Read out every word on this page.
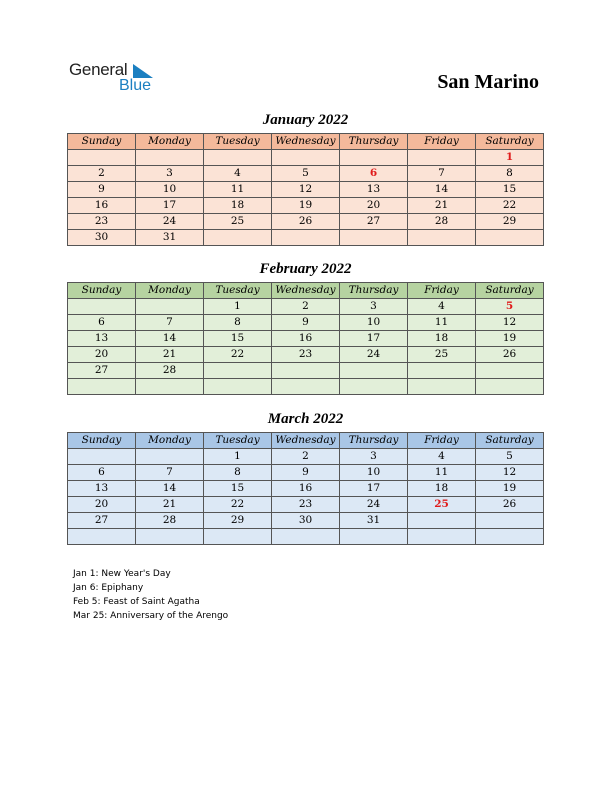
General
Blue	San Marino
January 2022
Sunday	Monday	Tuesday	Wednesday	Thursday	Friday	Saturday
						1
2	3	4	5	6	7	8
9	10	11	12	13	14	15
16	17	18	19	20	21	22
23	24	25	26	27	28	29
30	31					
February 2022
Sunday	Monday	Tuesday	Wednesday	Thursday	Friday	Saturday
		1	2	3	4	5
6	7	8	9	10	11	12
13	14	15	16	17	18	19
20	21	22	23	24	25	26
27	28					

March 2022
Sunday	Monday	Tuesday	Wednesday	Thursday	Friday	Saturday
		1	2	3	4	5
6	7	8	9	10	11	12
13	14	15	16	17	18	19
20	21	22	23	24	25	26
27	28	29	30	31		

Jan 1: New Year's Day
Jan 6: Epiphany
Feb 5: Feast of Saint Agatha
Mar 25: Anniversary of the Arengo
